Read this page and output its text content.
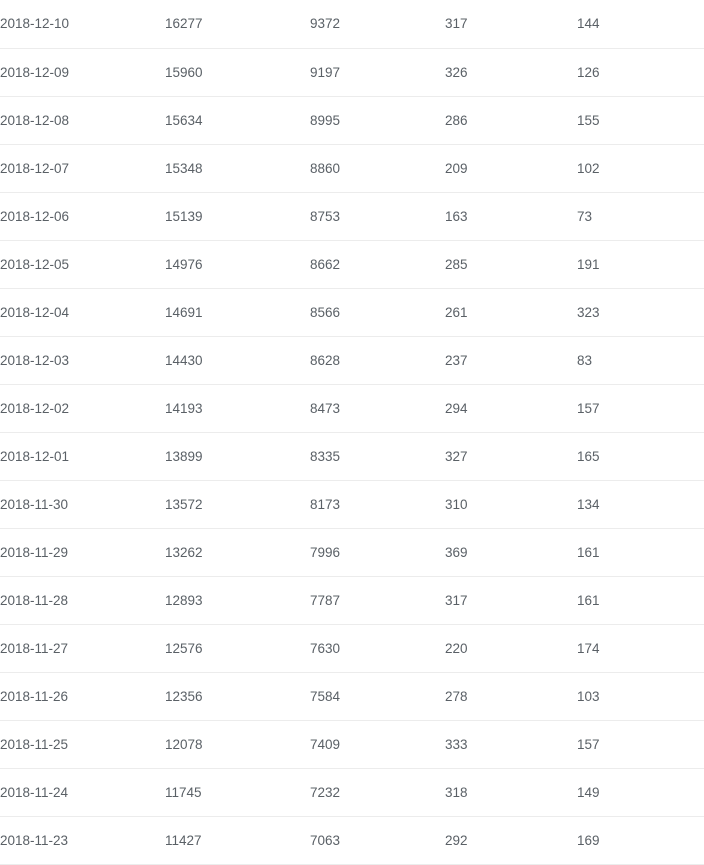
2018-12-10	16277	9372	317	144

2018-12-09	15960	9197	326	126

2018-12-08	15634	8995	286	155

2018-12-07	15348	8860	209	102

2018-12-06	15139	8753	163	73

2018-12-05	14976	8662	285	191

2018-12-04	14691	8566	261	323

2018-12-03	14430	8628	237	83

2018-12-02	14193	8473	294	157

2018-12-01	13899	8335	327	165

2018-11-30	13572	8173	310	134

2018-11-29	13262	7996	369	161

2018-11-28	12893	7787	317	161

2018-11-27	12576	7630	220	174

2018-11-26	12356	7584	278	103

2018-11-25	12078	7409	333	157

2018-11-24	11745	7232	318	149

2018-11-23	11427	7063	292	169
